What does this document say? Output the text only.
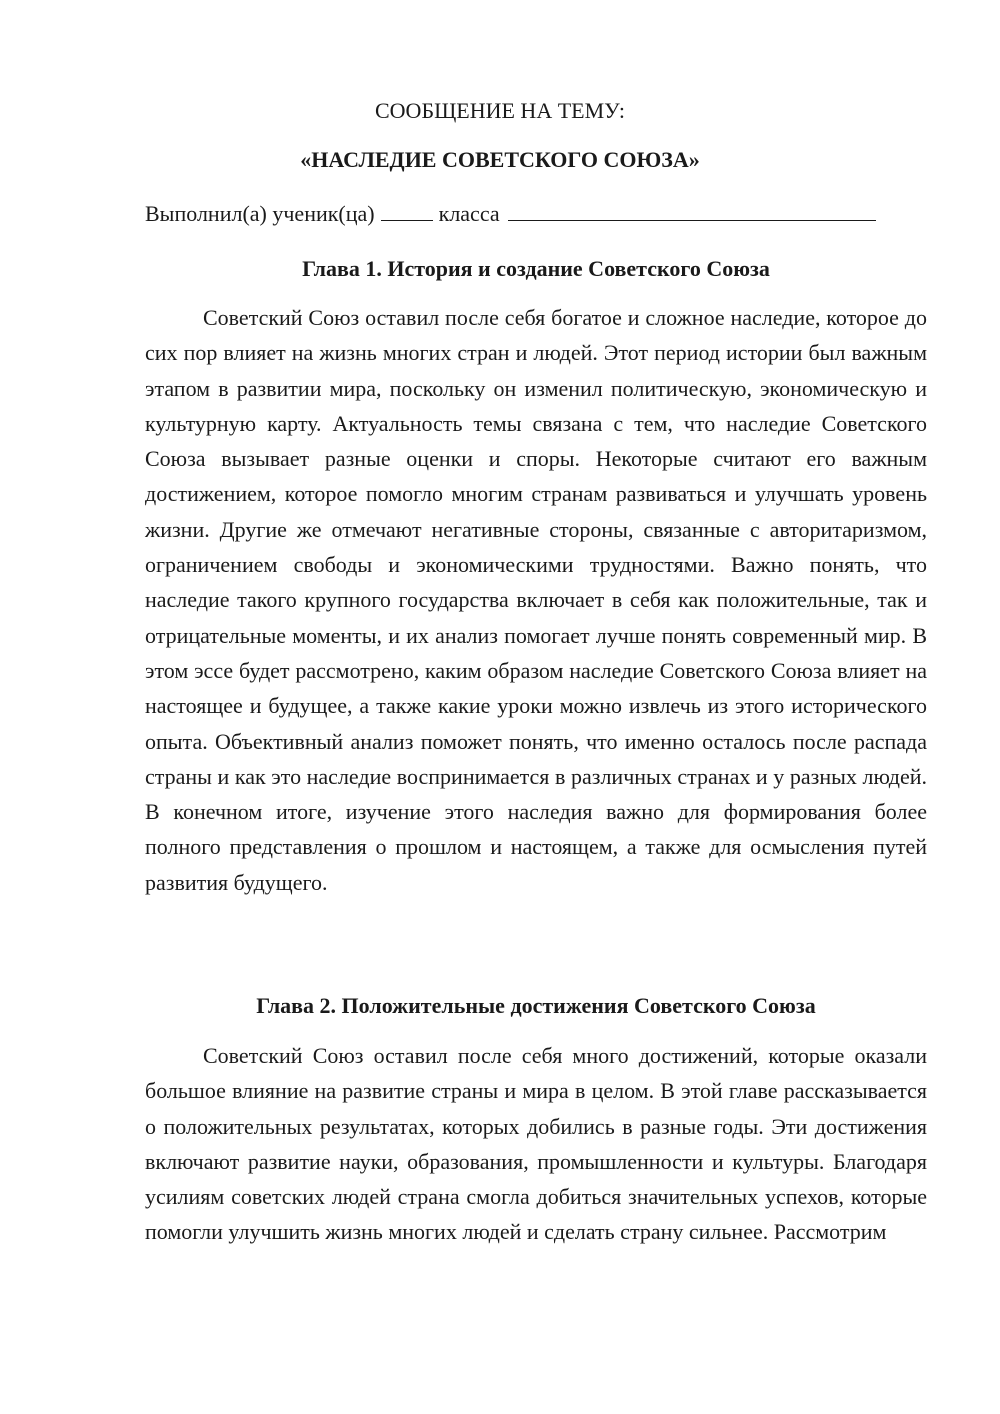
СООБЩЕНИЕ НА ТЕМУ:
«НАСЛЕДИЕ СОВЕТСКОГО СОЮЗА»
Выполнил(а) ученик(ца)	класса
Глава 1. История и создание Советского Союза

Советский Союз оставил после себя богатое и сложное наследие, которое до сих пор влияет на жизнь многих стран и людей. Этот период истории был важным этапом в развитии мира, поскольку он изменил политическую, экономическую и культурную карту. Актуальность темы связана с тем, что наследие Советского Союза вызывает разные оценки и споры. Некоторые считают его важным достижением, которое помогло многим странам развиваться и улучшать уровень жизни. Другие же отмечают негативные стороны, связанные с авторитаризмом, ограничением свободы и экономическими трудностями. Важно понять, что наследие такого крупного государства включает в себя как положительные, так и отрицательные моменты, и их анализ помогает лучше понять современный мир. В этом эссе будет рассмотрено, каким образом наследие Советского Союза влияет на настоящее и будущее, а также какие уроки можно извлечь из этого исторического опыта. Объективный анализ поможет понять, что именно осталось после распада страны и как это наследие воспринимается в различных странах и у разных людей. В конечном итоге, изучение этого наследия важно для формирования более полного представления о прошлом и настоящем, а также для осмысления путей развития будущего.

Глава 2. Положительные достижения Советского Союза

Советский Союз оставил после себя много достижений, которые оказали большое влияние на развитие страны и мира в целом. В этой главе рассказывается о положительных результатах, которых добились в разные годы. Эти достижения включают развитие науки, образования, промышленности и культуры. Благодаря усилиям советских людей страна смогла добиться значительных успехов, которые помогли улучшить жизнь многих людей и сделать страну сильнее. Рассмотрим
